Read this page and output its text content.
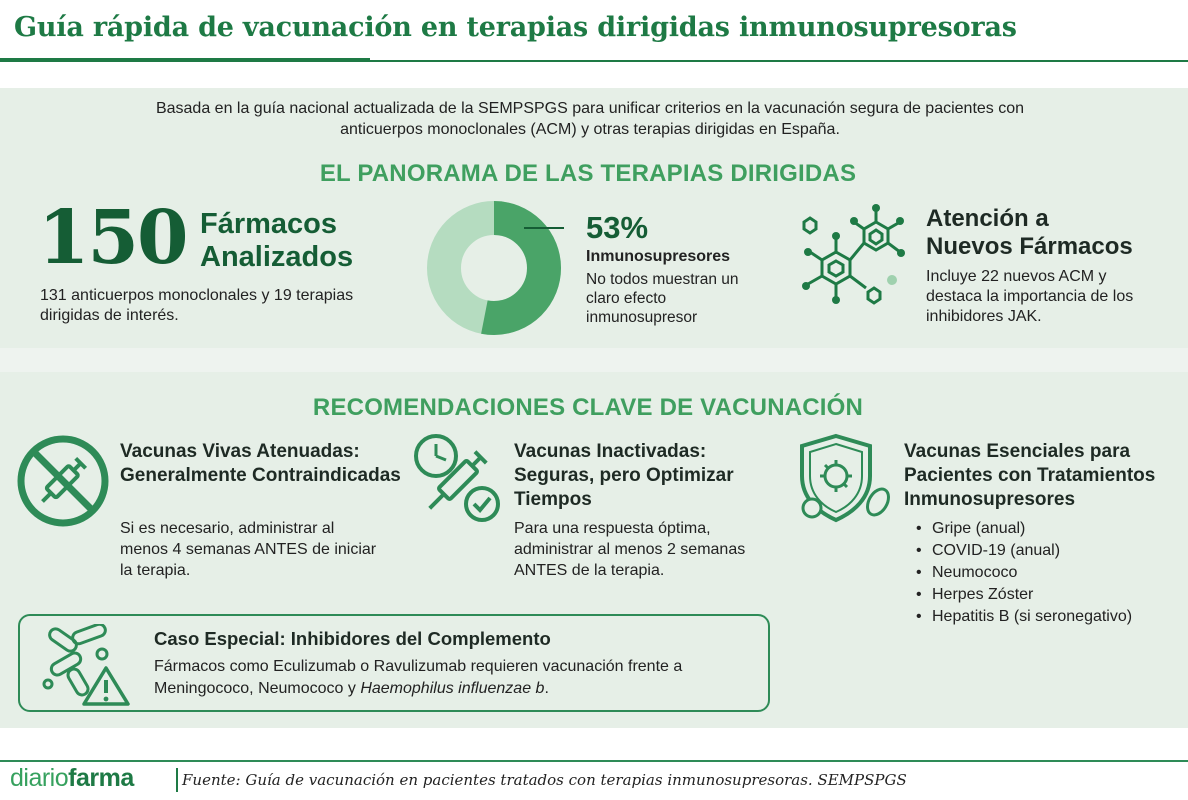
Guía rápida de vacunación en terapias dirigidas inmunosupresoras

Basada en la guía nacional actualizada de la SEMPSPGS para unificar criterios en la vacunación segura de pacientes con anticuerpos monoclonales (ACM) y otras terapias dirigidas en España.

EL PANORAMA DE LAS TERAPIAS DIRIGIDAS
150 Fármacos
Analizados

131 anticuerpos monoclonales y 19 terapias dirigidas de interés.

53%
Inmunosupresores

No todos muestran un claro efecto inmunosupresor

Atención a
Nuevos Fármacos

Incluye 22 nuevos ACM y destaca la importancia de los inhibidores JAK.

RECOMENDACIONES CLAVE DE VACUNACIÓN
Vacunas Vivas Atenuadas: Generalmente Contraindicadas

Si es necesario, administrar al menos 4 semanas ANTES de iniciar la terapia.

Vacunas Inactivadas: Seguras, pero Optimizar Tiempos

Para una respuesta óptima, administrar al menos 2 semanas ANTES de la terapia.

Vacunas Esenciales para Pacientes con Tratamientos Inmunosupresores
• Gripe (anual)
• COVID-19 (anual)
• Neumococo
• Herpes Zóster
• Hepatitis B (si seronegativo)
Caso Especial: Inhibidores del Complemento

Fármacos como Eculizumab o Ravulizumab requieren vacunación frente a Meningococo, Neumococo y Haemophilus influenzae b.

diariofarma	Fuente: Guía de vacunación en pacientes tratados con terapias inmunosupresoras. SEMPSPGS
